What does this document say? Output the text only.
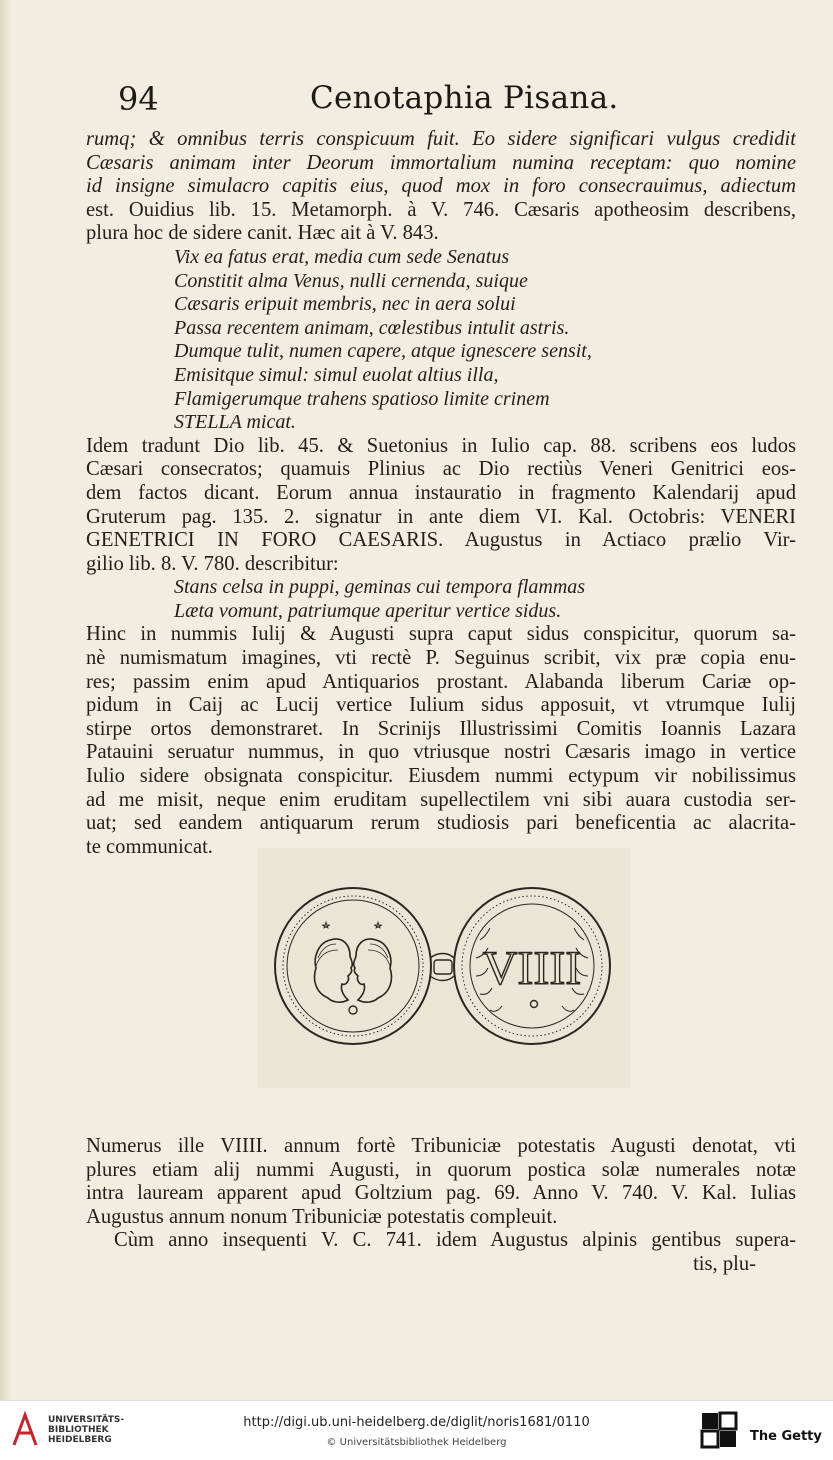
94	Cenotaphia Pisana.
rumq; & omnibus terris conspicuum fuit. Eo sidere significari vulgus credidit
Cæsaris animam inter Deorum immortalium numina receptam: quo nomine
id insigne simulacro capitis eius, quod mox in foro consecrauimus, adiectum
est. Ouidius lib. 15. Metamorph. à V. 746. Cæsaris apotheosim describens,
plura hoc de sidere canit. Hæc ait à V. 843.
Vix ea fatus erat, media cum sede Senatus
Constitit alma Venus, nulli cernenda, suique
Cæsaris eripuit membris, nec in aera solui
Passa recentem animam, cœlestibus intulit astris.
Dumque tulit, numen capere, atque ignescere sensit,
Emisitque simul: simul euolat altius illa,
Flamigerumque trahens spatioso limite crinem
STELLA micat.
Idem tradunt Dio lib. 45. & Suetonius in Iulio cap. 88. scribens eos ludos
Cæsari consecratos; quamuis Plinius ac Dio rectiùs Veneri Genitrici eos-
dem factos dicant. Eorum annua instauratio in fragmento Kalendarij apud
Gruterum pag. 135. 2. signatur in ante diem VI. Kal. Octobris: VENERI
GENETRICI IN FORO CAESARIS. Augustus in Actiaco prælio Vir-
gilio lib. 8. V. 780. describitur:
Stans celsa in puppi, geminas cui tempora flammas
Læta vomunt, patriumque aperitur vertice sidus.
Hinc in nummis Iulij & Augusti supra caput sidus conspicitur, quorum sa-
nè numismatum imagines, vti rectè P. Seguinus scribit, vix præ copia enu-
res; passim enim apud Antiquarios prostant. Alabanda liberum Cariæ op-
pidum in Caij ac Lucij vertice Iulium sidus apposuit, vt vtrumque Iulij
stirpe ortos demonstraret. In Scrinijs Illustrissimi Comitis Ioannis Lazara
Patauini seruatur nummus, in quo vtriusque nostri Cæsaris imago in vertice
Iulio sidere obsignata conspicitur. Eiusdem nummi ectypum vir nobilissimus
ad me misit, neque enim eruditam supellectilem vni sibi auara custodia ser-
uat; sed eandem antiquarum rerum studiosis pari beneficentia ac alacrita-
te communicat.
VIIII
Numerus ille VIIII. annum fortè Tribuniciæ potestatis Augusti denotat, vti
plures etiam alij nummi Augusti, in quorum postica solæ numerales notæ
intra lauream apparent apud Goltzium pag. 69. Anno V. 740. V. Kal. Iulias
Augustus annum nonum Tribuniciæ potestatis compleuit.
Cùm anno insequenti V. C. 741. idem Augustus alpinis gentibus supera-
tis, plu-
UNIVERSITÄTS-
BIBLIOTHEK
HEIDELBERG
http://digi.ub.uni-heidelberg.de/diglit/noris1681/0110
© Universitätsbibliothek Heidelberg	The Getty
